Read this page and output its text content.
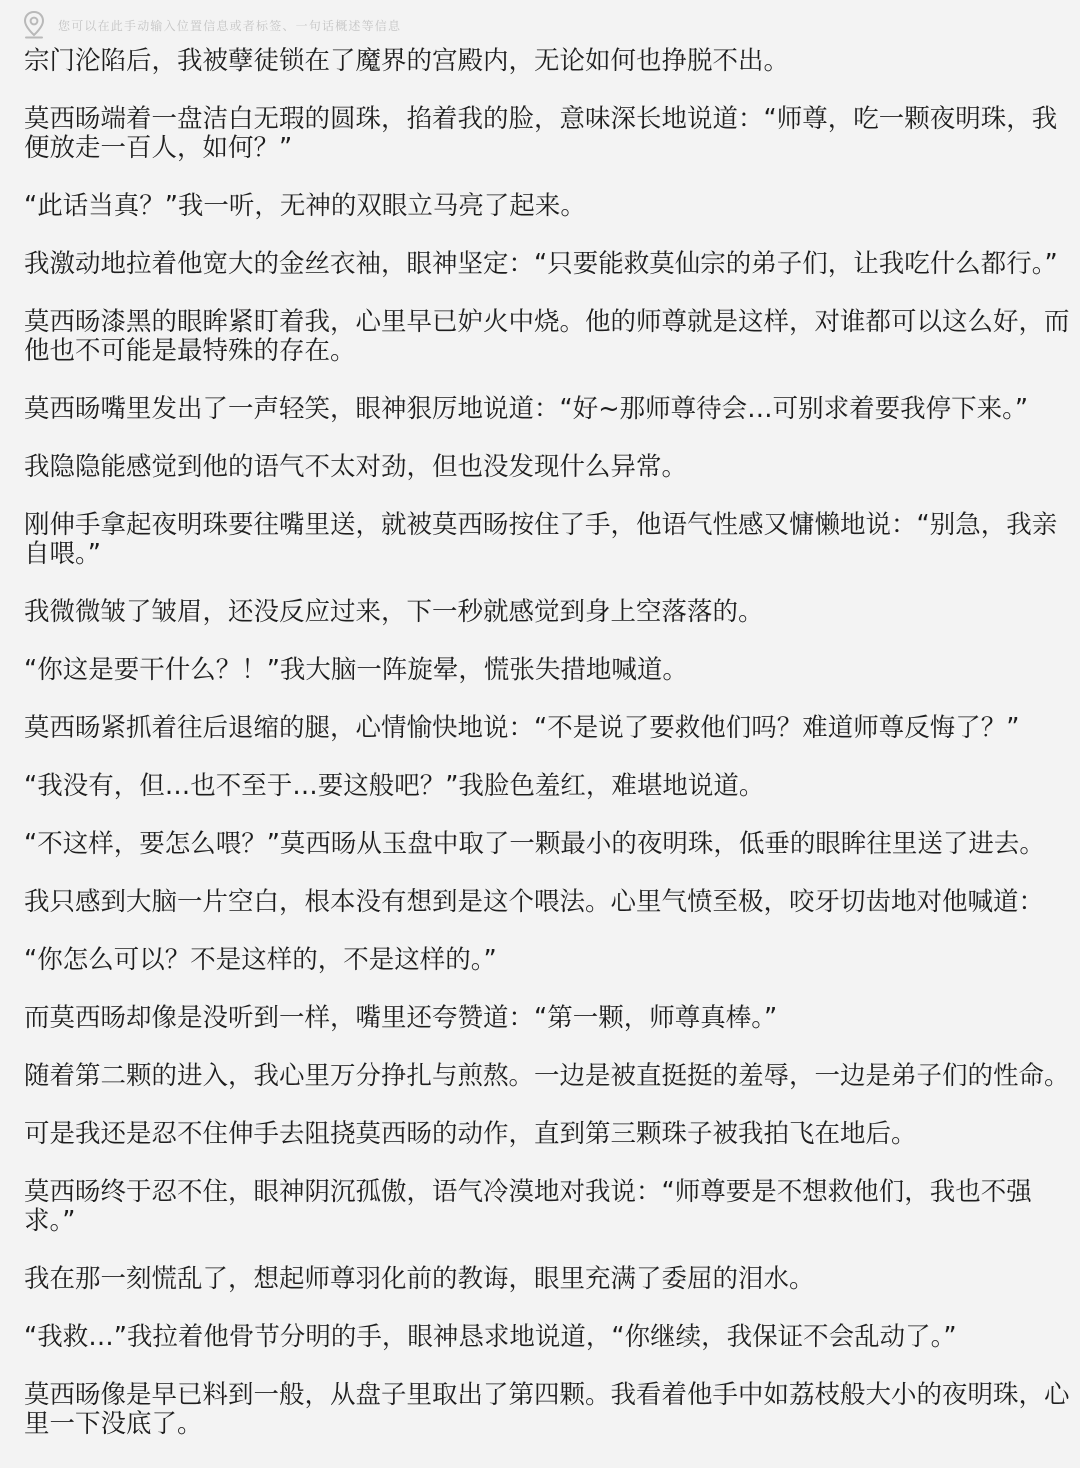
您可以在此手动输入位置信息或者标签、一句话概述等信息

宗门沦陷后，我被孽徒锁在了魔界的宫殿内，无论如何也挣脱不出。

莫西旸端着一盘洁白无瑕的圆珠，掐着我的脸，意味深长地说道：“师尊，吃一颗夜明珠，我便放走一百人，如何？”

“此话当真？”我一听，无神的双眼立马亮了起来。

我激动地拉着他宽大的金丝衣袖，眼神坚定：“只要能救莫仙宗的弟子们，让我吃什么都行。”

莫西旸漆黑的眼眸紧盯着我，心里早已妒火中烧。他的师尊就是这样，对谁都可以这么好，而他也不可能是最特殊的存在。

莫西旸嘴里发出了一声轻笑，眼神狠厉地说道：“好~那师尊待会…可别求着要我停下来。”

我隐隐能感觉到他的语气不太对劲，但也没发现什么异常。

刚伸手拿起夜明珠要往嘴里送，就被莫西旸按住了手，他语气性感又慵懒地说：“别急，我亲自喂。”

我微微皱了皱眉，还没反应过来，下一秒就感觉到身上空落落的。

“你这是要干什么？！”我大脑一阵旋晕，慌张失措地喊道。

莫西旸紧抓着往后退缩的腿，心情愉快地说：“不是说了要救他们吗？难道师尊反悔了？”

“我没有，但…也不至于…要这般吧？”我脸色羞红，难堪地说道。

“不这样，要怎么喂？”莫西旸从玉盘中取了一颗最小的夜明珠，低垂的眼眸往里送了进去。

我只感到大脑一片空白，根本没有想到是这个喂法。心里气愤至极，咬牙切齿地对他喊道：

“你怎么可以？不是这样的，不是这样的。”

而莫西旸却像是没听到一样，嘴里还夸赞道：“第一颗，师尊真棒。”

随着第二颗的进入，我心里万分挣扎与煎熬。一边是被直挺挺的羞辱，一边是弟子们的性命。

可是我还是忍不住伸手去阻挠莫西旸的动作，直到第三颗珠子被我拍飞在地后。

莫西旸终于忍不住，眼神阴沉孤傲，语气冷漠地对我说：“师尊要是不想救他们，我也不强求。”

我在那一刻慌乱了，想起师尊羽化前的教诲，眼里充满了委屈的泪水。

“我救…”我拉着他骨节分明的手，眼神恳求地说道，“你继续，我保证不会乱动了。”

莫西旸像是早已料到一般，从盘子里取出了第四颗。我看着他手中如荔枝般大小的夜明珠，心里一下没底了。
